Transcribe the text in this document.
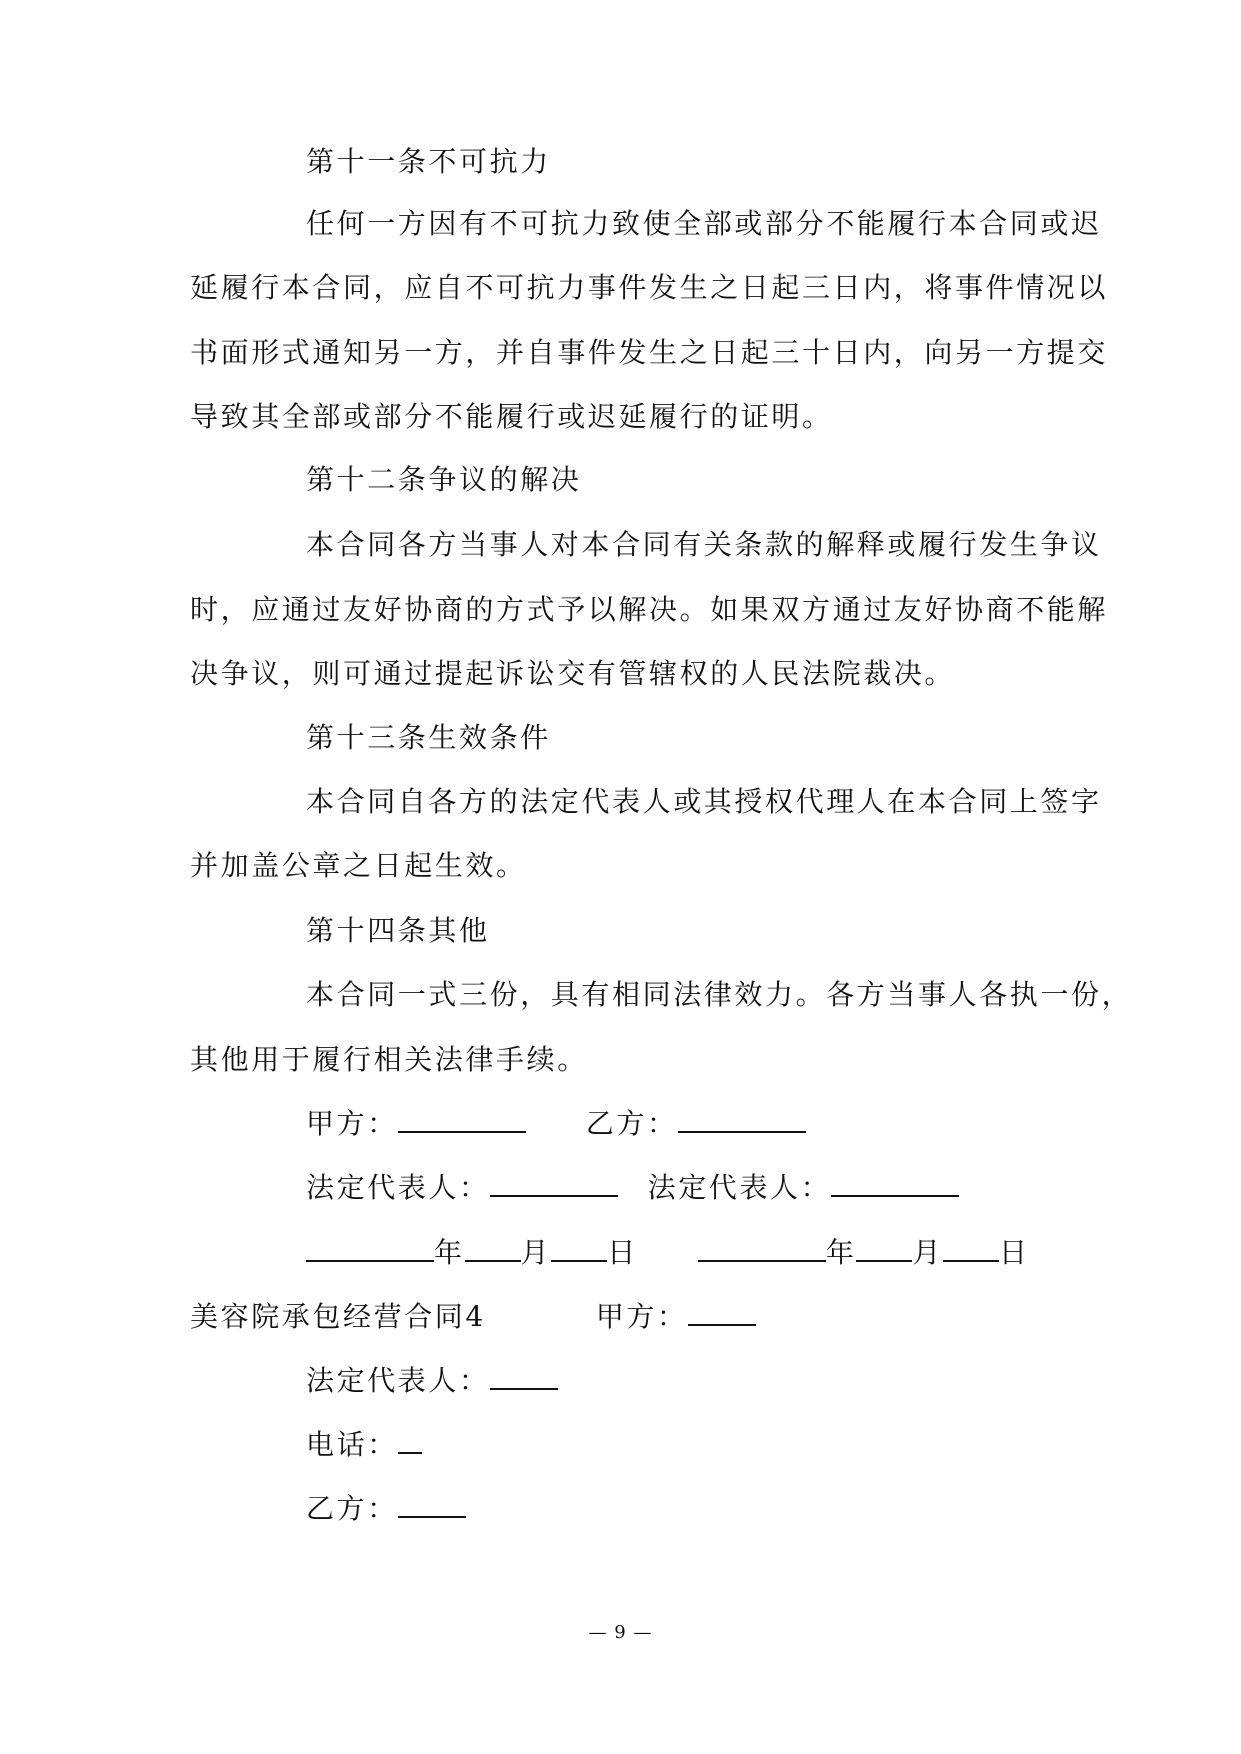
第十一条不可抗力
任何一方因有不可抗力致使全部或部分不能履行本合同或迟
延履行本合同，应自不可抗力事件发生之日起三日内，将事件情况以
书面形式通知另一方，并自事件发生之日起三十日内，向另一方提交
导致其全部或部分不能履行或迟延履行的证明。
第十二条争议的解决
本合同各方当事人对本合同有关条款的解释或履行发生争议
时，应通过友好协商的方式予以解决。如果双方通过友好协商不能解
决争议，则可通过提起诉讼交有管辖权的人民法院裁决。
第十三条生效条件
本合同自各方的法定代表人或其授权代理人在本合同上签字
并加盖公章之日起生效。
第十四条其他
本合同一式三份，具有相同法律效力。各方当事人各执一份，
其他用于履行相关法律手续。
甲方：	乙方：
法定代表人：	法定代表人：
年 月 日	年 月 日
美容院承包经营合同4	甲方：
法定代表人：
电话：
乙方：
— 9 —
